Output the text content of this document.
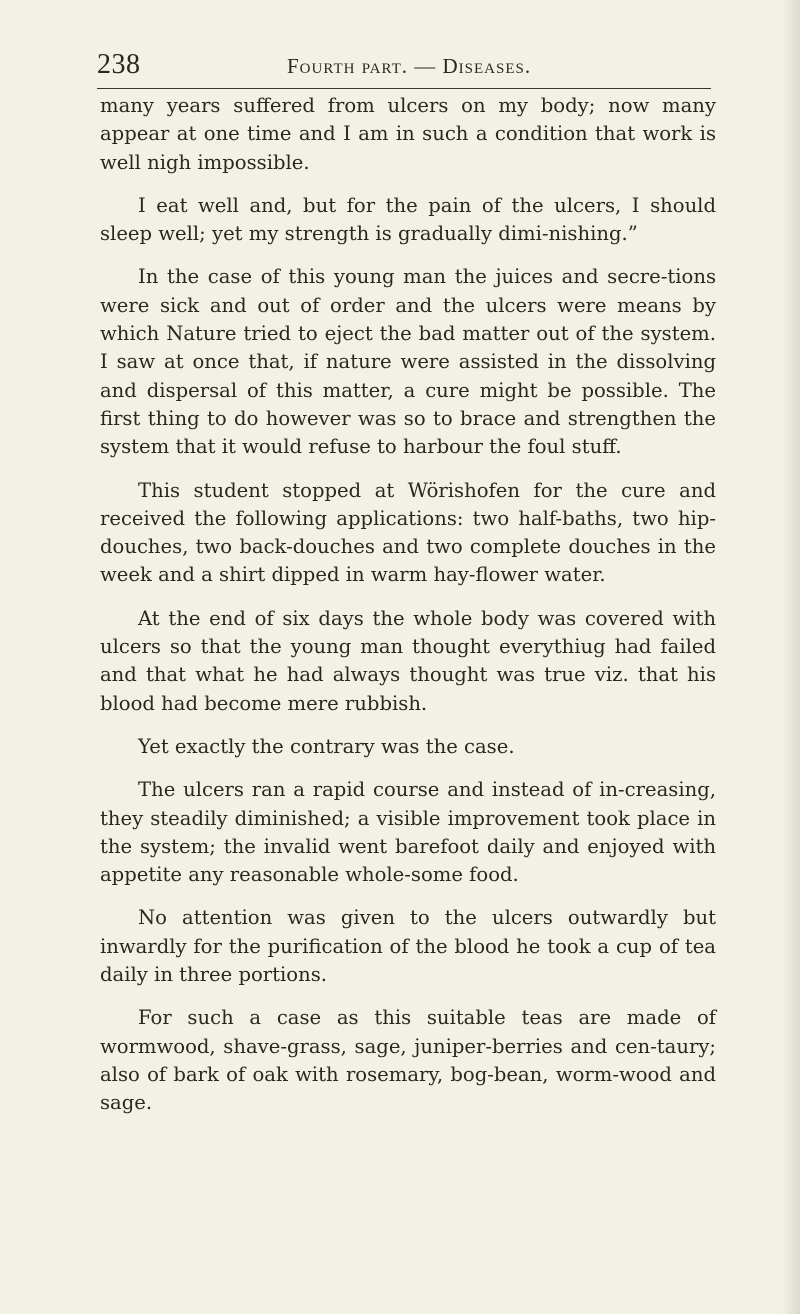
238	Fourth part. — Diseases.

many years suffered from ulcers on my body; now many appear at one time and I am in such a condition that work is well nigh impossible.

I eat well and, but for the pain of the ulcers, I should sleep well; yet my strength is gradually dimi-nishing.”

In the case of this young man the juices and secre-tions were sick and out of order and the ulcers were means by which Nature tried to eject the bad matter out of the system. I saw at once that, if nature were assisted in the dissolving and dispersal of this matter, a cure might be possible. The first thing to do however was so to brace and strengthen the system that it would refuse to harbour the foul stuff.

This student stopped at Wörishofen for the cure and received the following applications: two half-baths, two hip-douches, two back-douches and two complete douches in the week and a shirt dipped in warm hay-flower water.

At the end of six days the whole body was covered with ulcers so that the young man thought everythiug had failed and that what he had always thought was true viz. that his blood had become mere rubbish.

Yet exactly the contrary was the case.

The ulcers ran a rapid course and instead of in-creasing, they steadily diminished; a visible improvement took place in the system; the invalid went barefoot daily and enjoyed with appetite any reasonable whole-some food.

No attention was given to the ulcers outwardly but inwardly for the purification of the blood he took a cup of tea daily in three portions.

For such a case as this suitable teas are made of wormwood, shave-grass, sage, juniper-berries and cen-taury; also of bark of oak with rosemary, bog-bean, worm-wood and sage.
